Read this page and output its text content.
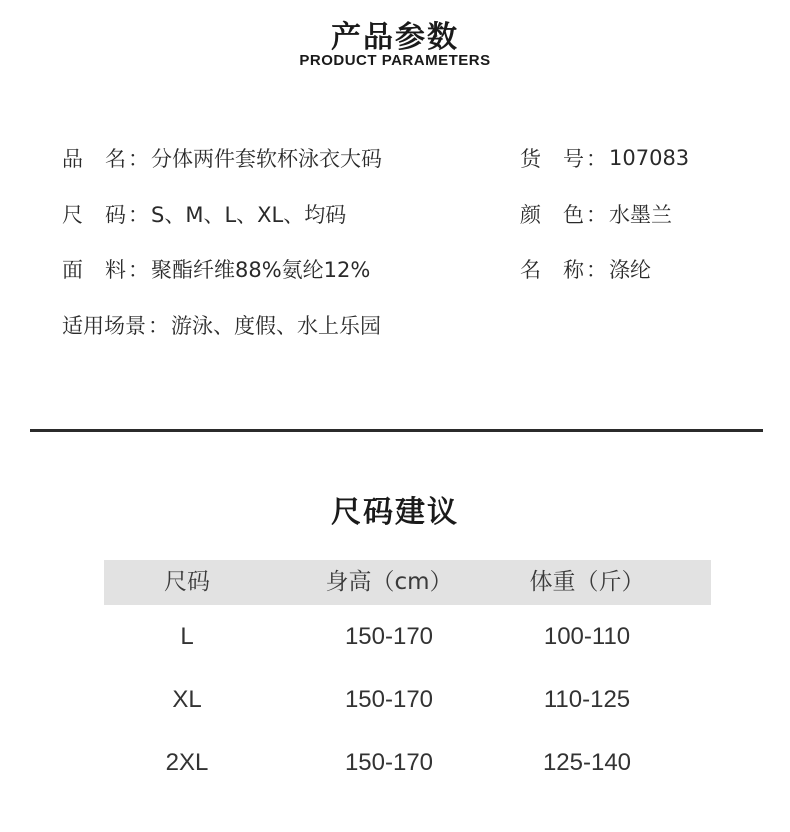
产品参数
PRODUCT PARAMETERS
品名 ： 分体两件套软杯泳衣大码
尺码 ： S、M、L、XL、均码
面料 ： 聚酯纤维88%氨纶12%
适用场景 ： 游泳、度假、水上乐园
货号 ： 107083
颜色 ： 水墨兰
名称 ： 涤纶
尺码建议
尺码	身高（cm）	体重（斤）
L	150-170	100-110
XL	150-170	110-125
2XL	150-170	125-140
